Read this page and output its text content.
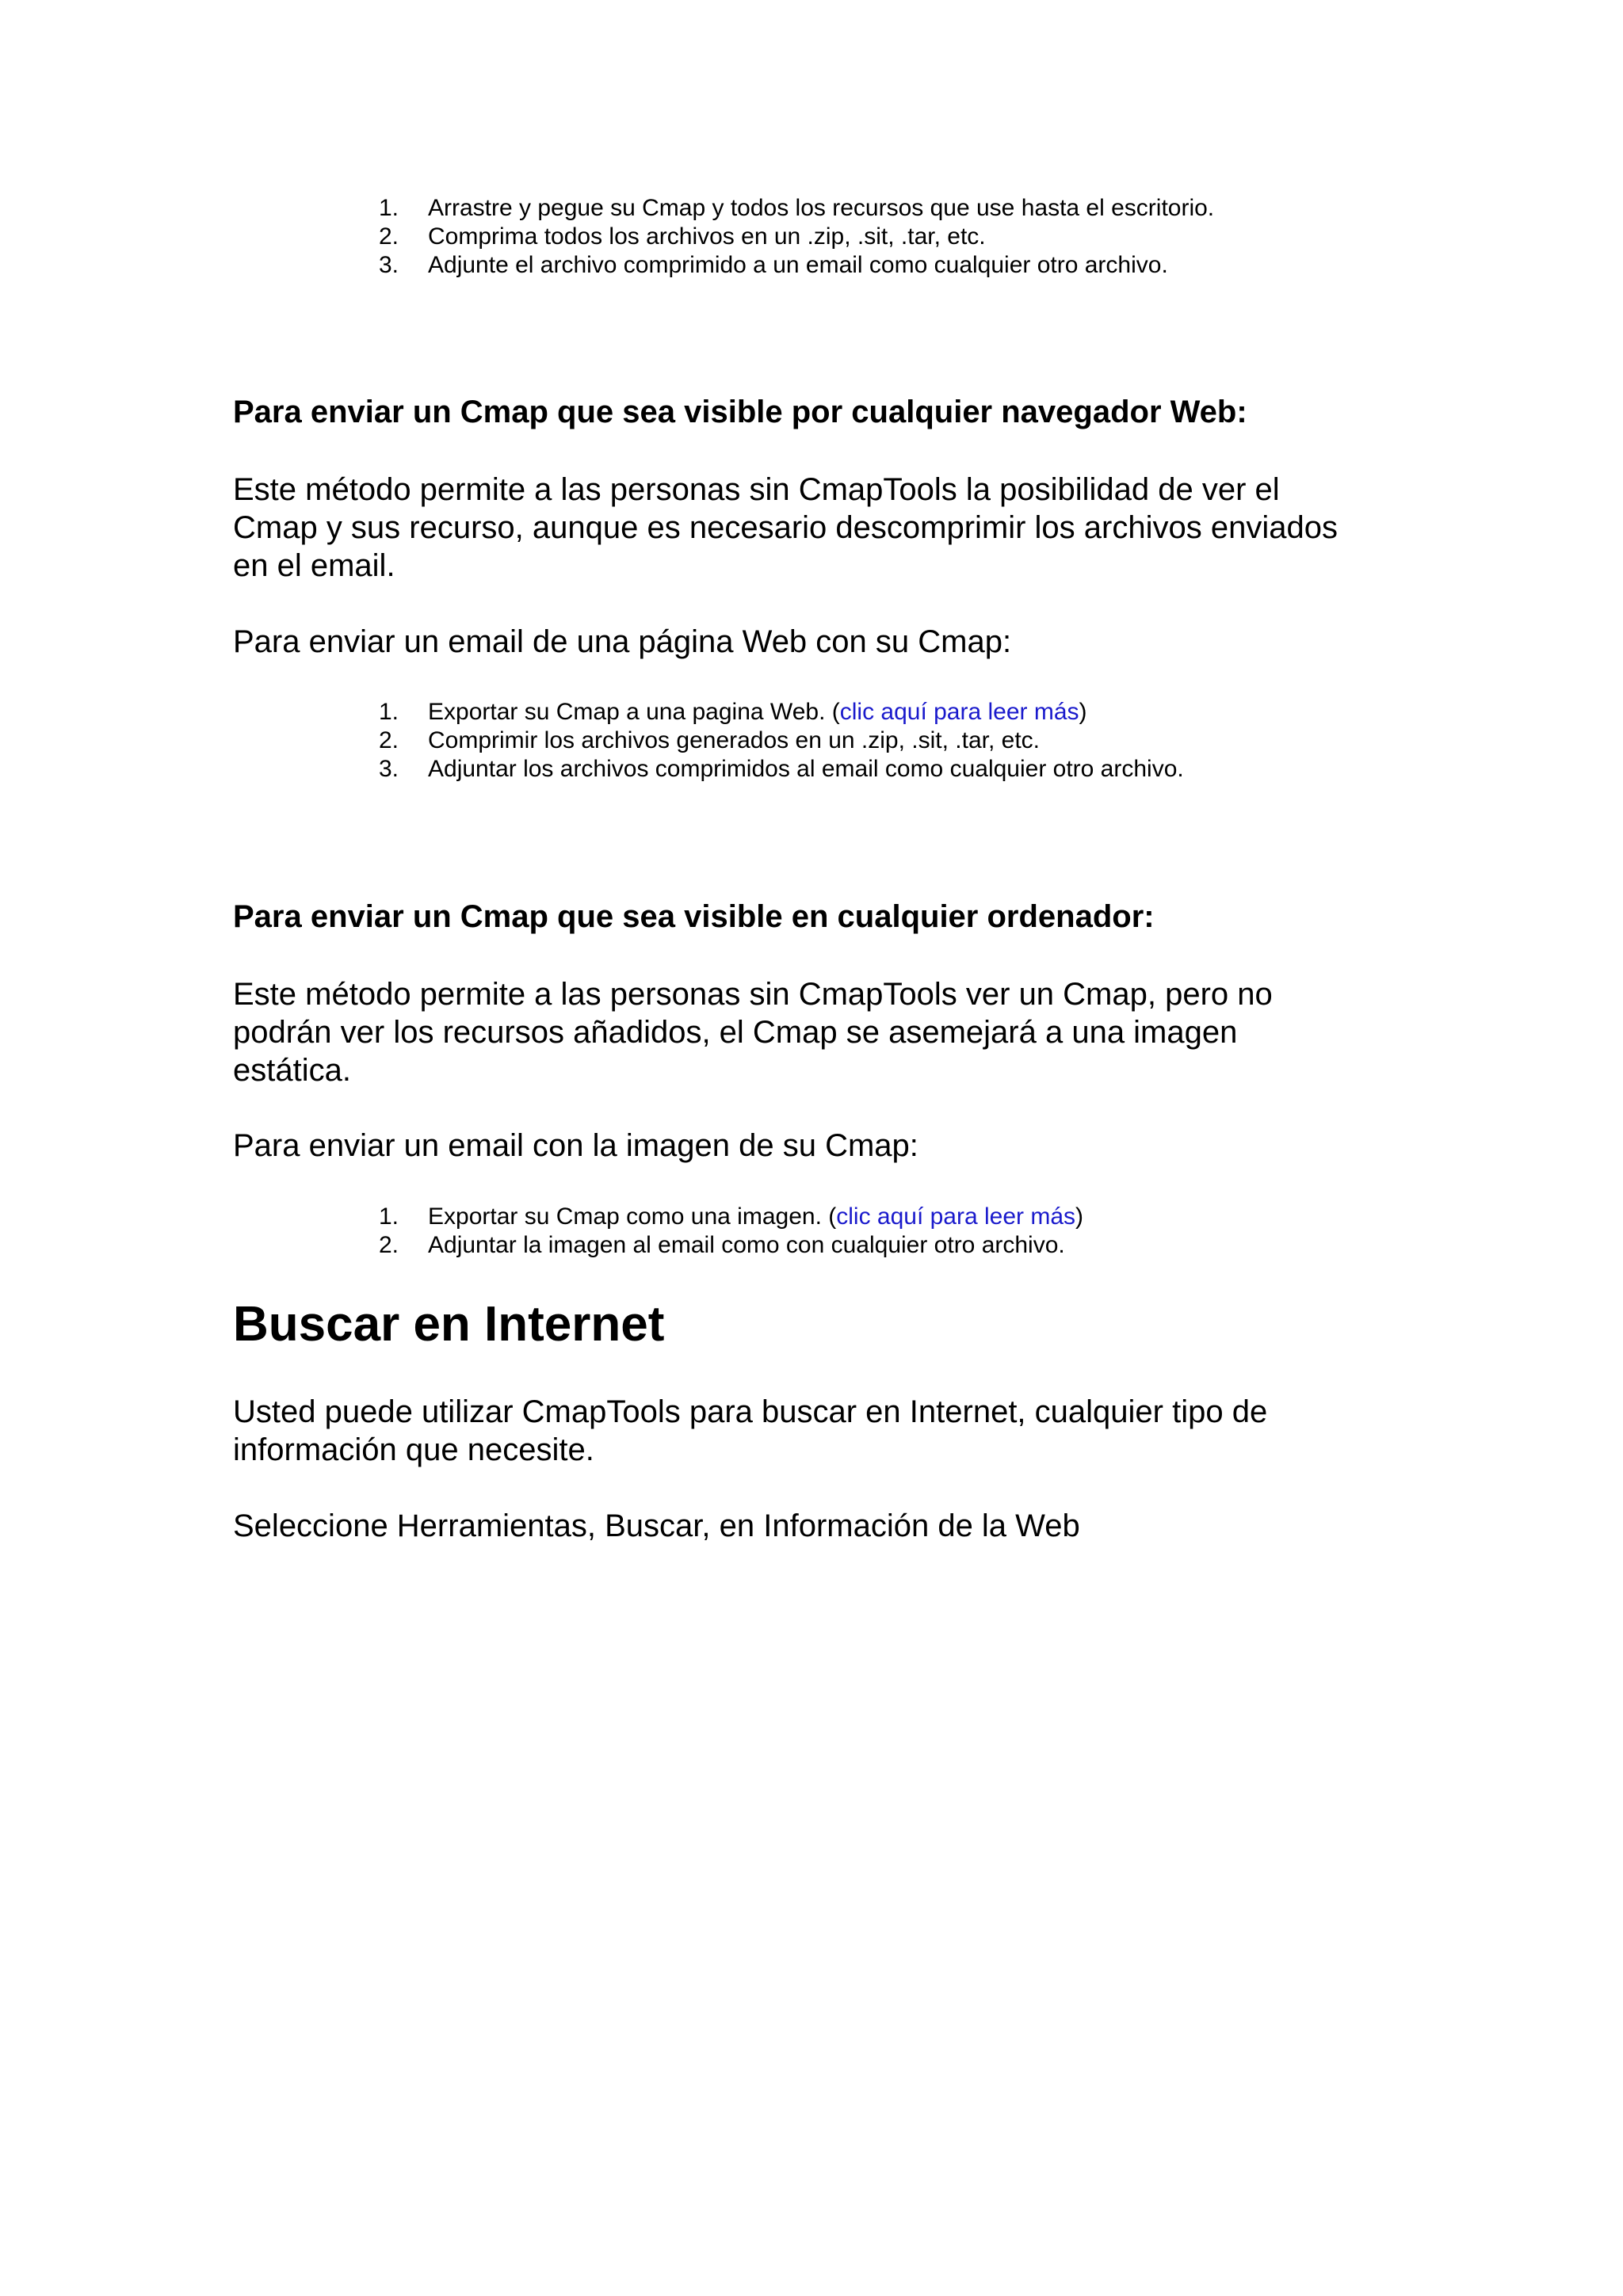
1. Arrastre y pegue su Cmap y todos los recursos que use hasta el escritorio.
2. Comprima todos los archivos en un .zip, .sit, .tar, etc.
3. Adjunte el archivo comprimido a un email como cualquier otro archivo.
Para enviar un Cmap que sea visible por cualquier navegador Web:
Este método permite a las personas sin CmapTools la posibilidad de ver el
Cmap y sus recurso, aunque es necesario descomprimir los archivos enviados
en el email.
Para enviar un email de una página Web con su Cmap:
1. Exportar su Cmap a una pagina Web. (clic aquí para leer más)
2. Comprimir los archivos generados en un .zip, .sit, .tar, etc.
3. Adjuntar los archivos comprimidos al email como cualquier otro archivo.
Para enviar un Cmap que sea visible en cualquier ordenador:
Este método permite a las personas sin CmapTools ver un Cmap, pero no
podrán ver los recursos añadidos, el Cmap se asemejará a una imagen
estática.
Para enviar un email con la imagen de su Cmap:
1. Exportar su Cmap como una imagen. (clic aquí para leer más)
2. Adjuntar la imagen al email como con cualquier otro archivo.
Buscar en Internet
Usted puede utilizar CmapTools para buscar en Internet, cualquier tipo de
información que necesite.
Seleccione Herramientas, Buscar, en Información de la Web
